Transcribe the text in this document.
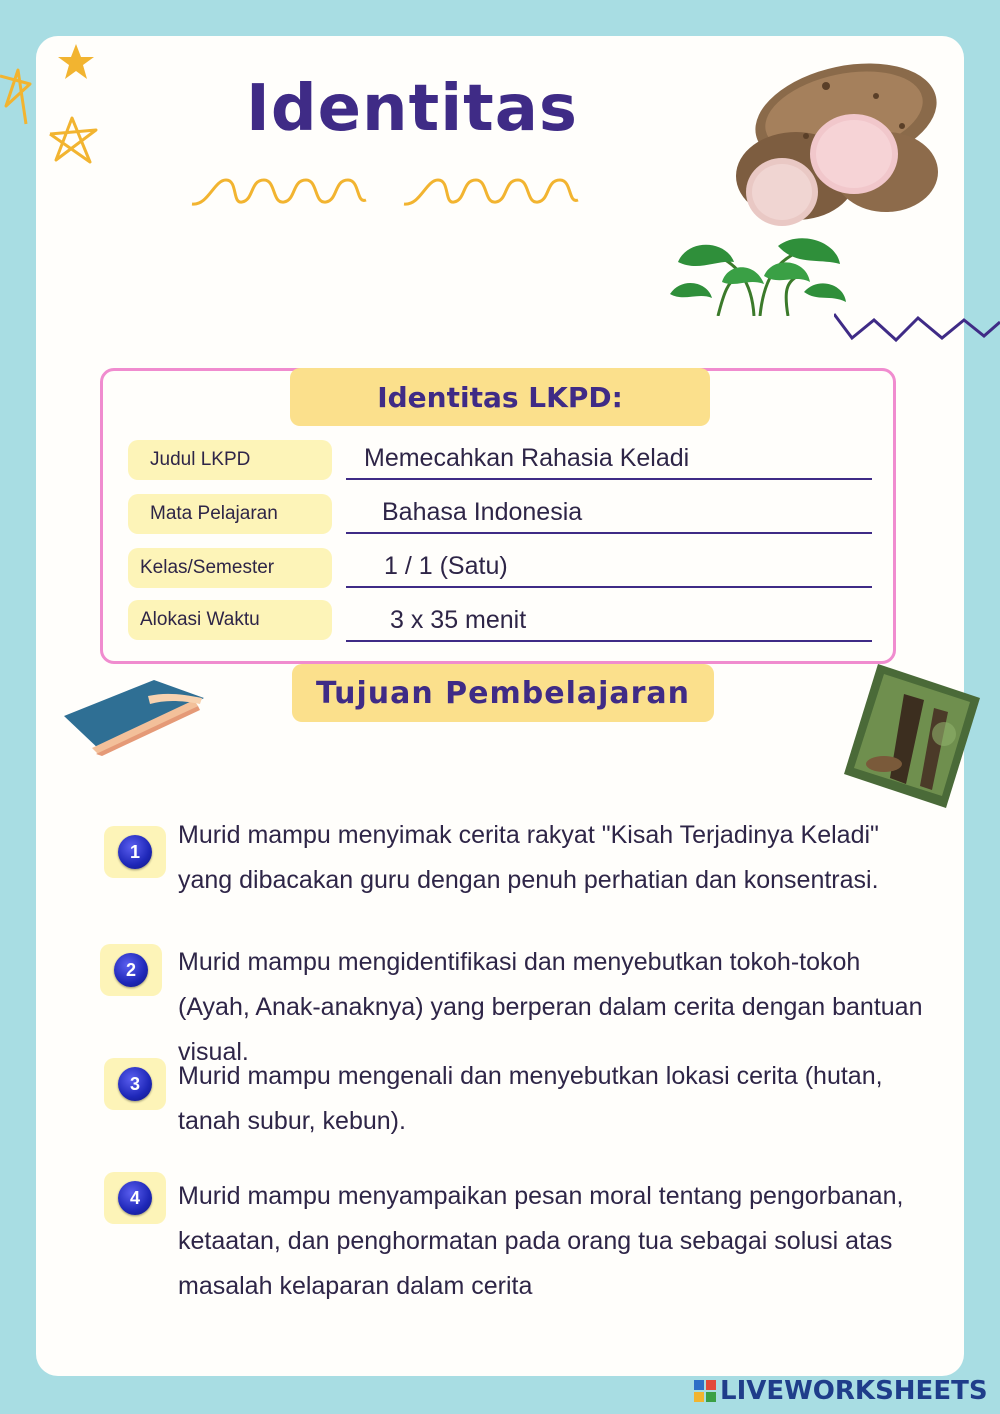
Identitas
Identitas LKPD:
Judul LKPD	Memecahkan Rahasia Keladi
Mata Pelajaran	Bahasa Indonesia
Kelas/Semester	1 / 1 (Satu)
Alokasi Waktu	3 x 35 menit
Tujuan Pembelajaran
1

Murid mampu menyimak cerita rakyat "Kisah Terjadinya Keladi" yang dibacakan guru dengan penuh perhatian dan konsentrasi.

2	Murid mampu mengidentifikasi dan menyebutkan tokoh-tokoh (Ayah, Anak-anaknya) yang berperan dalam cerita dengan bantuan visual.

3	Murid mampu mengenali dan menyebutkan lokasi cerita (hutan, tanah subur, kebun).

4	Murid mampu menyampaikan pesan moral tentang pengorbanan, ketaatan, dan penghormatan pada orang tua sebagai solusi atas masalah kelaparan dalam cerita

LIVEWORKSHEETS
